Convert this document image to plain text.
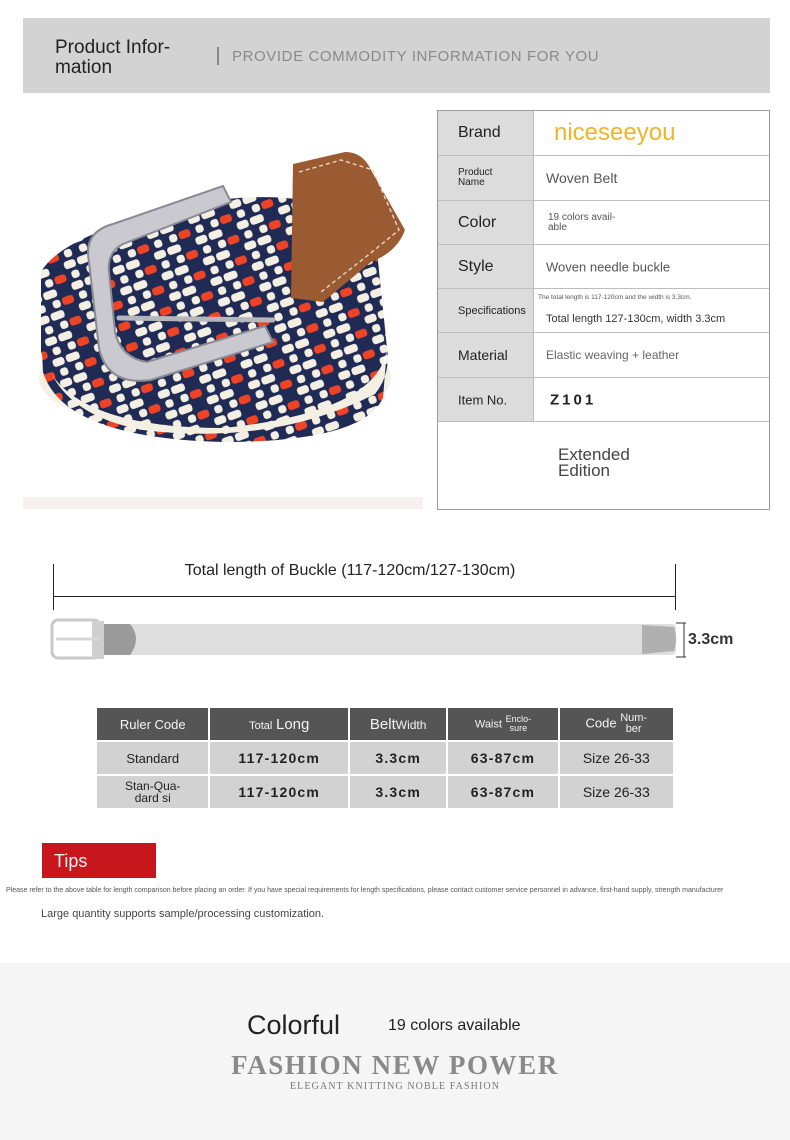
Product Infor-
mation
PROVIDE COMMODITY INFORMATION FOR YOU
Brand niceseeyou
Product
Name	Woven Belt
Color	19 colors avail-
able
Style	Woven needle buckle
Specifications
The total length is 117-120cm and the width is 3.3cm.
Total length 127-130cm, width 3.3cm
Material	Elastic weaving + leather
Item No.	Z101
Extended
Edition
Total length of Buckle (117-120cm/127-130cm)
3.3cm
Ruler Code	Total Long	BeltWidth	Waist Enclo-
sure	Code Num-
ber
Standard	117-120cm	3.3cm	63-87cm	Size 26-33
Stan-Qua-
dard si	117-120cm	3.3cm	63-87cm	Size 26-33
Tips
Please refer to the above table for length comparison before placing an order. If you have special requirements for length specifications, please contact customer service personnel in advance, first-hand supply, strength manufacturer
Large quantity supports sample/processing customization.
Colorful	19 colors available
FASHION NEW POWER
ELEGANT KNITTING NOBLE FASHION
